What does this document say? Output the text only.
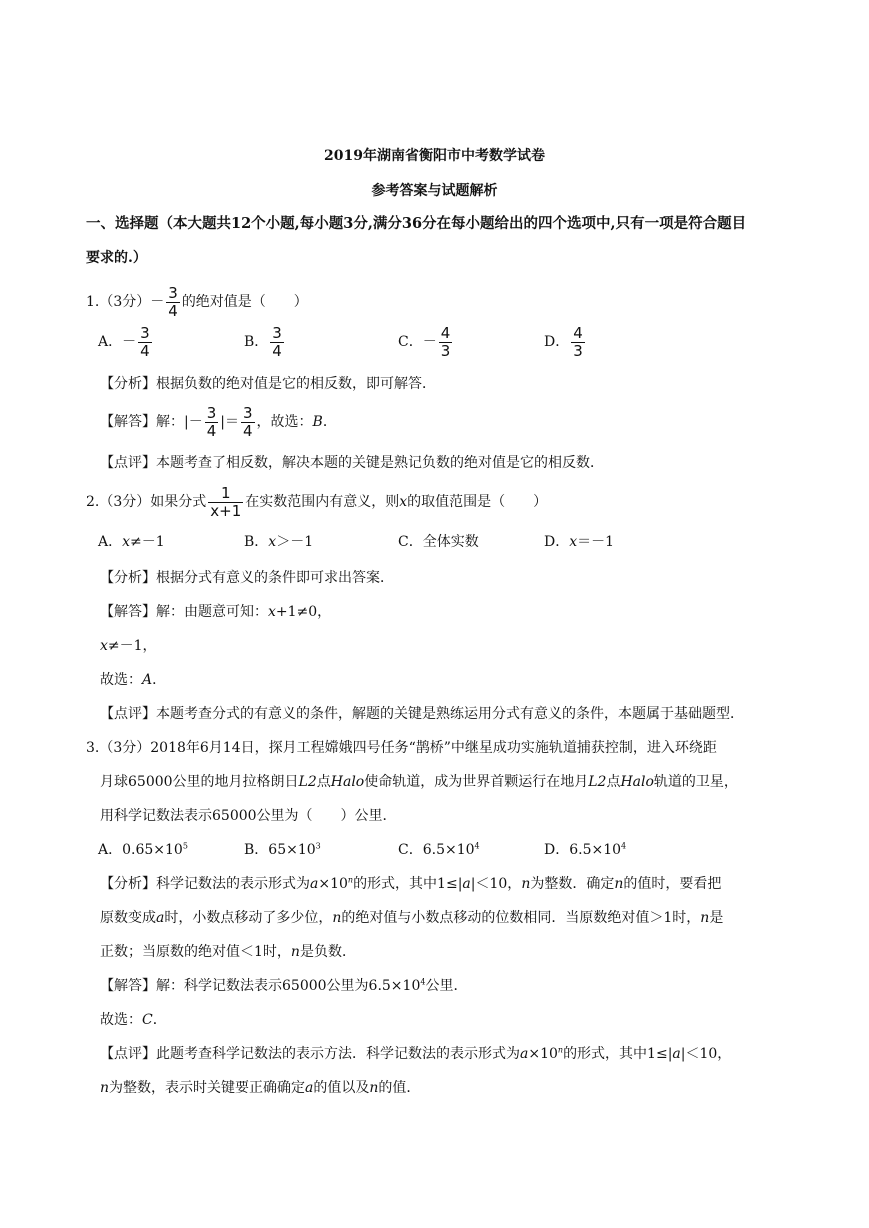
2019年湖南省衡阳市中考数学试卷
参考答案与试题解析
一、选择题（本大题共12个小题,每小题3分,满分36分在每小题给出的四个选项中,只有一项是符合题目
要求的.）
1.（3分）－ $\frac{3}{4}$ 的绝对值是（　　）
A．－ $\frac{3}{4}$	B． $\frac{3}{4}$	C．－ $\frac{4}{3}$	D． $\frac{4}{3}$
【分析】根据负数的绝对值是它的相反数，即可解答．
【解答】解：|－ $\frac{3}{4}$ |＝ $\frac{3}{4}$ ，故选：B．
【点评】本题考查了相反数，解决本题的关键是熟记负数的绝对值是它的相反数．
2.（3分）如果分式 $\frac{1}{x+1}$ 在实数范围内有意义，则x的取值范围是（　　）
A．x≠－1	B．x＞－1	C．全体实数	D．x＝－1
【分析】根据分式有意义的条件即可求出答案．
【解答】解：由题意可知：x+1≠0，
x≠－1，
故选：A．
【点评】本题考查分式的有意义的条件，解题的关键是熟练运用分式有意义的条件，本题属于基础题型．
3.（3分）2018年6月14日，探月工程嫦娥四号任务“鹊桥”中继星成功实施轨道捕获控制，进入环绕距
月球65000公里的地月拉格朗日L2点Halo使命轨道，成为世界首颗运行在地月L2点Halo轨道的卫星，
用科学记数法表示65000公里为（　　）公里．
A．$0.65\times 10^5$	B．$65\times 10^3$	C．$6.5\times 10^4$	D．$6.5\times 10^4$
【分析】科学记数法的表示形式为$a\times 10^n$的形式，其中1≤|a|＜10，n为整数．确定n的值时，要看把
原数变成a时，小数点移动了多少位，n的绝对值与小数点移动的位数相同．当原数绝对值＞1时，n是
正数；当原数的绝对值＜1时，n是负数．
【解答】解：科学记数法表示65000公里为$6.5\times 10^4$公里．
故选：C．
【点评】此题考查科学记数法的表示方法．科学记数法的表示形式为$a\times 10^n$的形式，其中1≤|a|＜10，
n为整数，表示时关键要正确确定a的值以及n的值．
